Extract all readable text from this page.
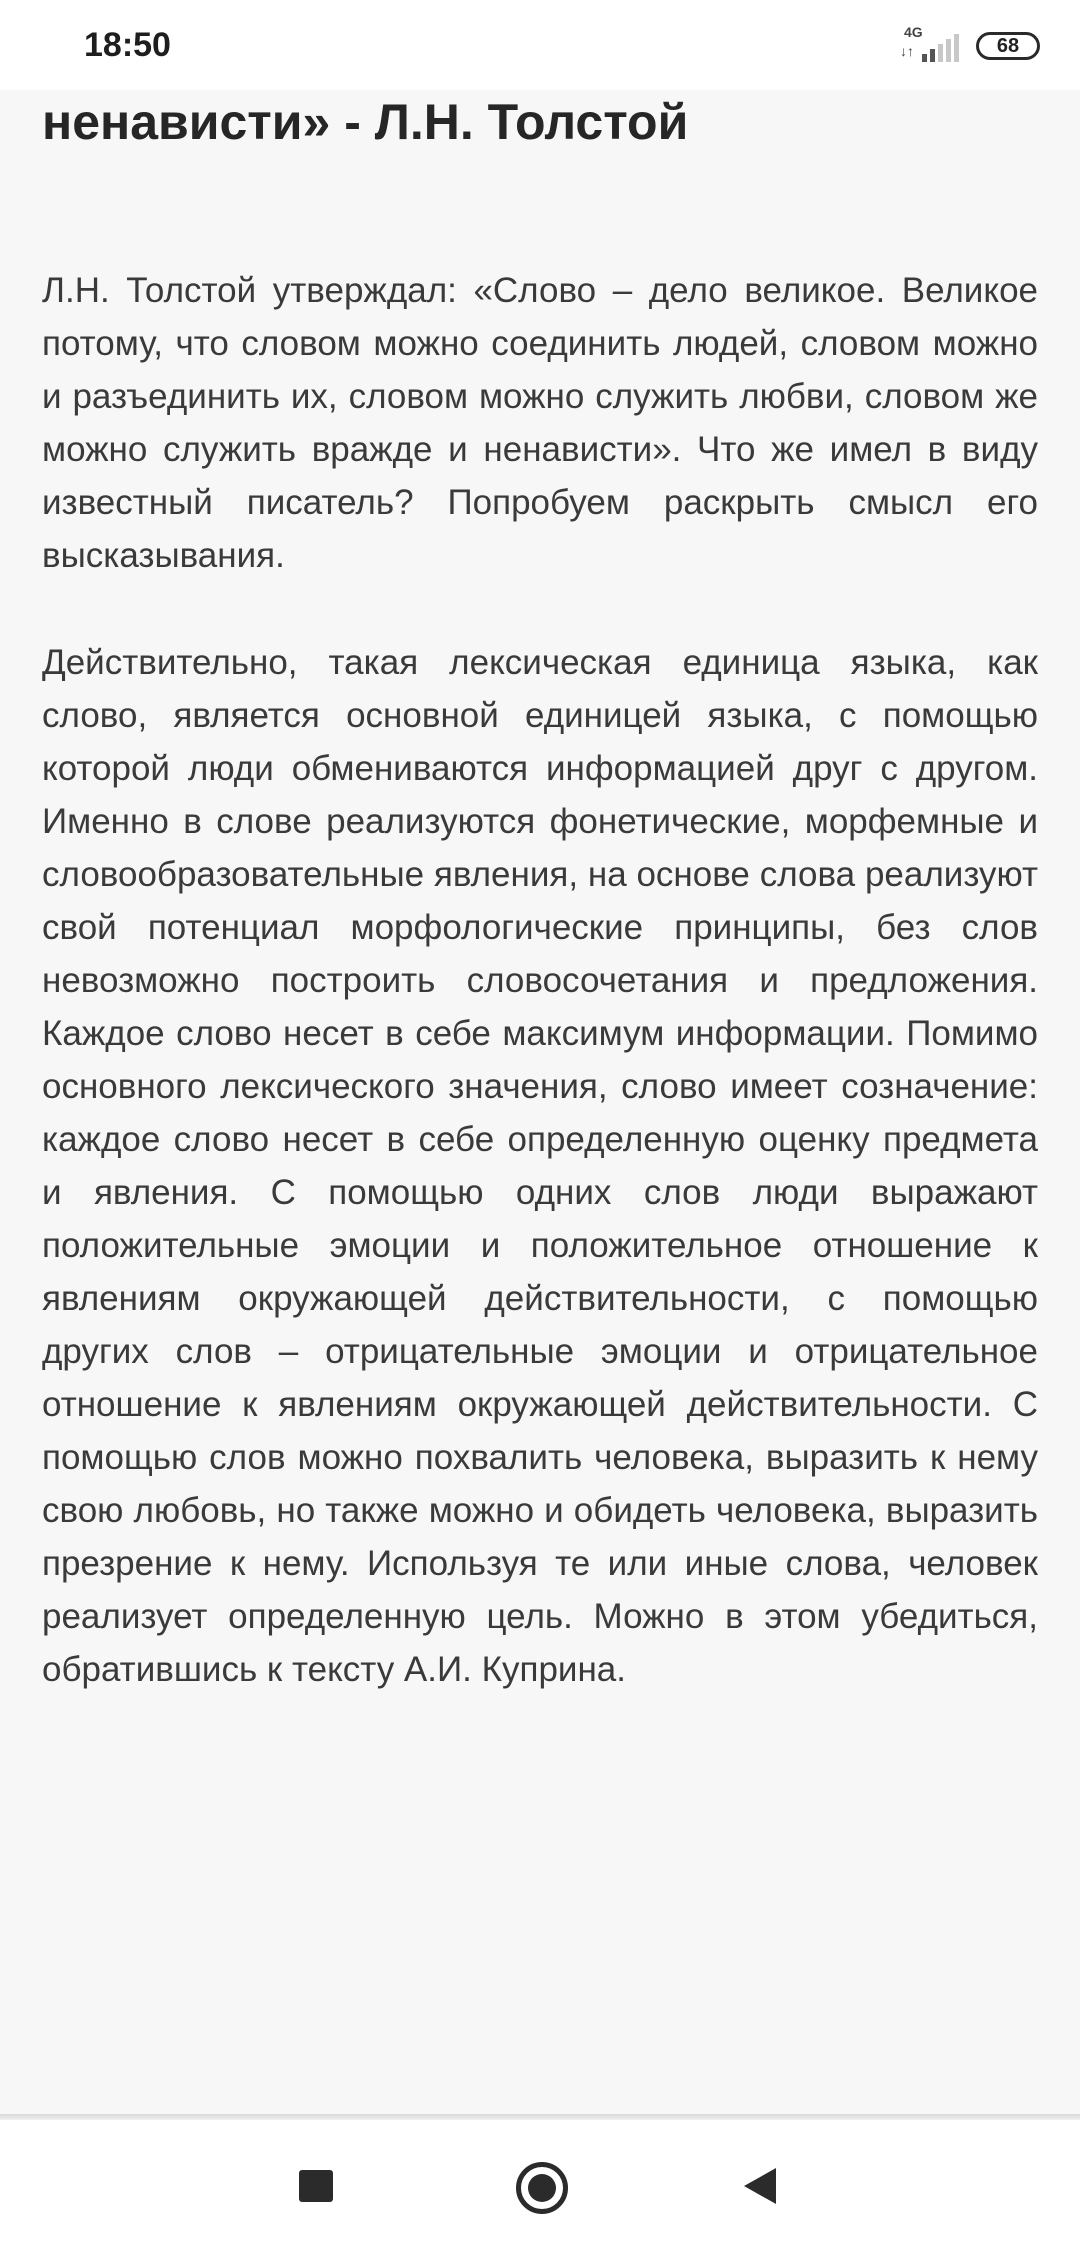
18:50	4G
↓↑	68
ненависти» - Л.Н. Толстой

Л.Н. Толстой утверждал: «Слово – дело великое. Великое потому, что словом можно соединить людей, словом можно и разъединить их, словом можно служить любви, словом же можно служить вражде и ненависти». Что же имел в виду известный писатель? Попробуем раскрыть смысл его высказывания.

Действительно, такая лексическая единица языка, как слово, является основной единицей языка, с помощью которой люди обмениваются информацией друг с другом. Именно в слове реализуются фонетические, морфемные и словообразовательные явления, на основе слова реализуют свой потенциал морфологические принципы, без слов невозможно построить словосочетания и предложения. Каждое слово несет в себе максимум информации. Помимо основного лексического значения, слово имеет созначение: каждое слово несет в себе определенную оценку предмета и явления. С помощью одних слов люди выражают положительные эмоции и положительное отношение к явлениям окружающей действительности, с помощью других слов – отрицательные эмоции и отрицательное отношение к явлениям окружающей действительности. С помощью слов можно похвалить человека, выразить к нему свою любовь, но также можно и обидеть человека, выразить презрение к нему. Используя те или иные слова, человек реализует определенную цель. Можно в этом убедиться, обратившись к тексту А.И. Куприна.
